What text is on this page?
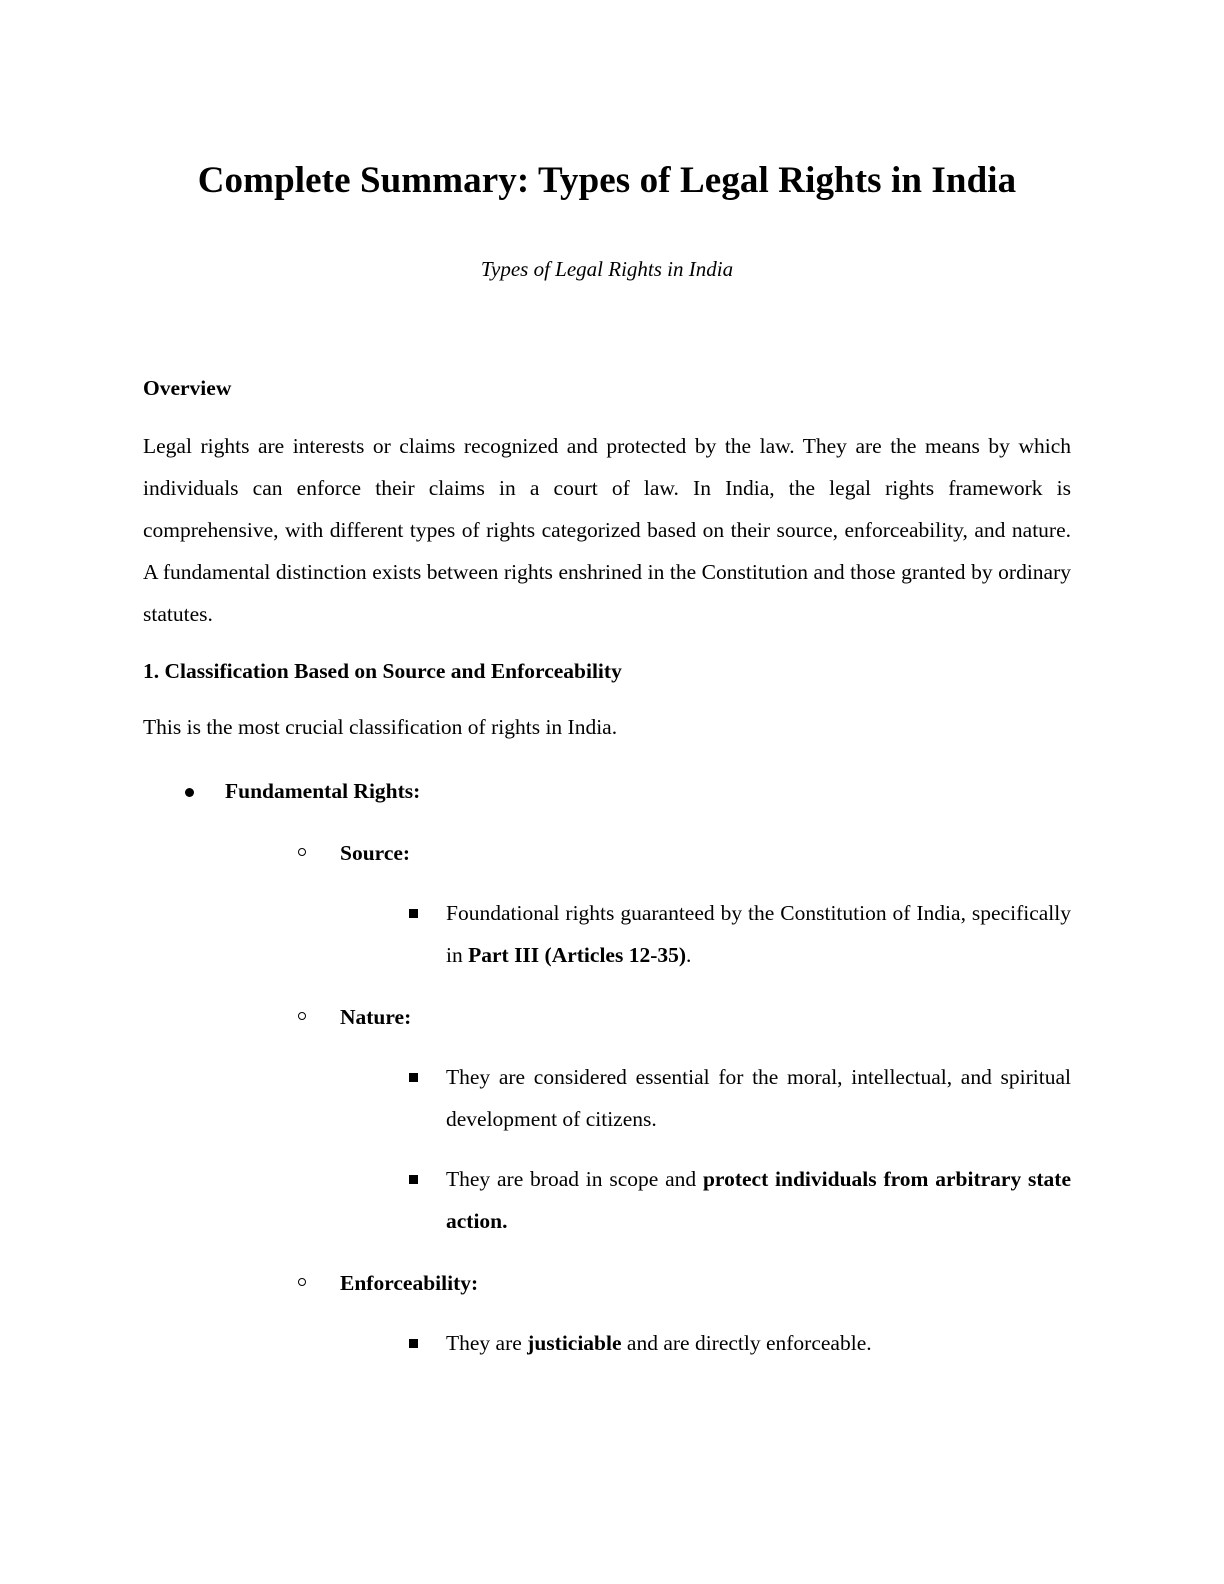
Complete Summary: Types of Legal Rights in India

Types of Legal Rights in India

Overview

Legal rights are interests or claims recognized and protected by the law. They are the means by which individuals can enforce their claims in a court of law. In India, the legal rights framework is comprehensive, with different types of rights categorized based on their source, enforceability, and nature. A fundamental distinction exists between rights enshrined in the Constitution and those granted by ordinary statutes.

1. Classification Based on Source and Enforceability

This is the most crucial classification of rights in India.

Fundamental Rights:
Source:
Foundational rights guaranteed by the Constitution of India, specifically in Part III (Articles 12-35).
Nature:
They are considered essential for the moral, intellectual, and spiritual development of citizens.
They are broad in scope and protect individuals from arbitrary state action.
Enforceability:
They are justiciable and are directly enforceable.
